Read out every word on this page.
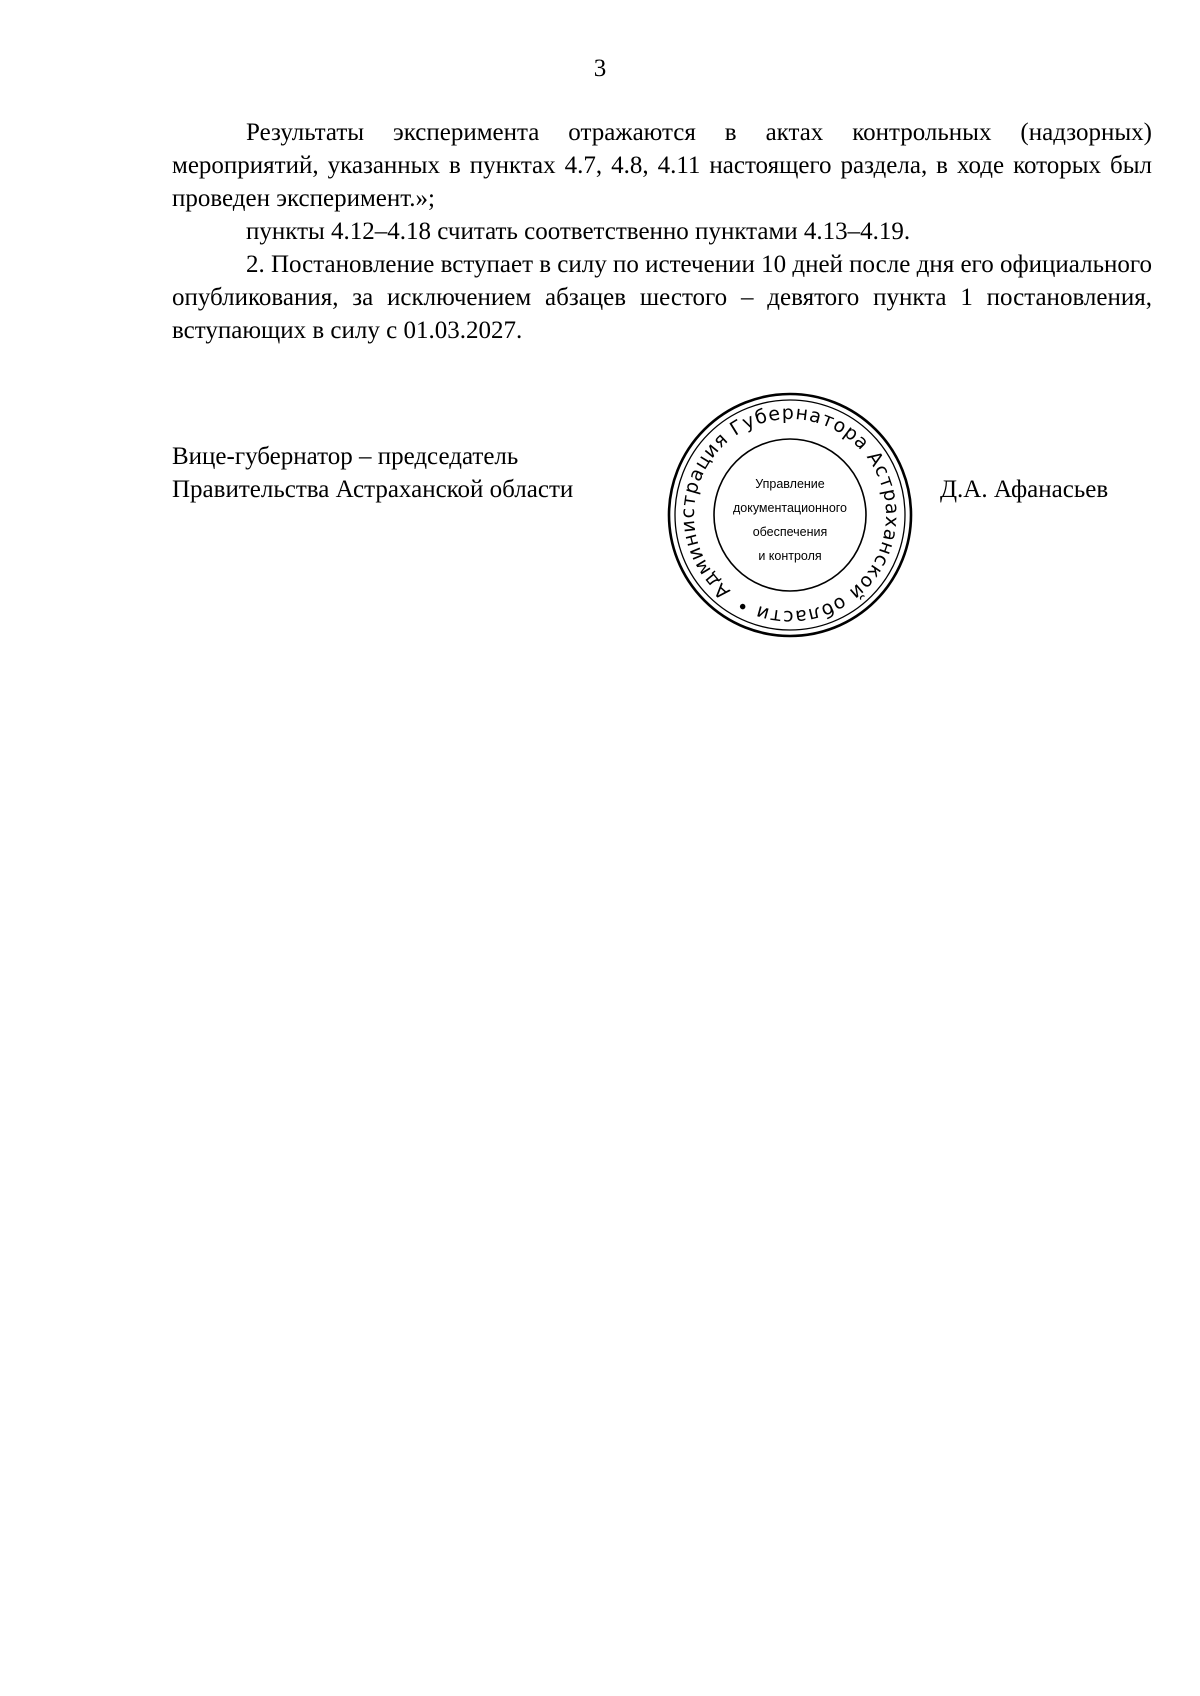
3

Результаты эксперимента отражаются в актах контрольных (надзорных) мероприятий, указанных в пунктах 4.7, 4.8, 4.11 настоящего раздела, в ходе которых был проведен эксперимент.»;

пункты 4.12–4.18 считать соответственно пунктами 4.13–4.19.

2. Постановление вступает в силу по истечении 10 дней после дня его официального опубликования, за исключением абзацев шестого – девятого пункта 1 постановления, вступающих в силу с 01.03.2027.

Вице-губернатор – председатель
Правительства Астраханской области
Администрация Губернатора Астраханской области •
Управление
документационного
обеспечения
и контроля
Д.А. Афанасьев
